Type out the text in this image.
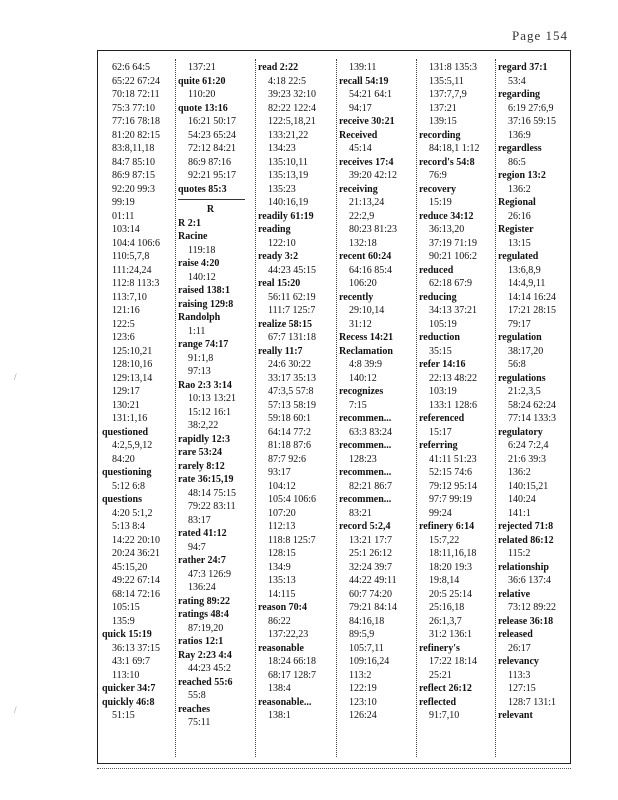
Page 154
62:6 64:5
65:22 67:24
70:18 72:11
75:3 77:10
77:16 78:18
81:20 82:15
83:8,11,18
84:7 85:10
86:9 87:15
92:20 99:3
99:19
01:11
103:14
104:4 106:6
110:5,7,8
111:24,24
112:8 113:3
113:7,10
121:16
122:5
123:6
125:10,21
128:10,16
129:13,14
129:17
130:21
131:1,16
questioned
4:2,5,9,12
84:20
questioning
5:12 6:8
questions
4:20 5:1,2
5:13 8:4
14:22 20:10
20:24 36:21
45:15,20
49:22 67:14
68:14 72:16
105:15
135:9
quick 15:19
36:13 37:15
43:1 69:7
113:10
quicker 34:7
quickly 46:8
51:15
137:21
quite 61:20
110:20
quote 13:16
16:21 50:17
54:23 65:24
72:12 84:21
86:9 87:16
92:21 95:17
quotes 85:3
R
R 2:1
Racine
119:18
raise 4:20
140:12
raised 138:1
raising 129:8
Randolph
1:11
range 74:17
91:1,8
97:13
Rao 2:3 3:14
10:13 13:21
15:12 16:1
38:2,22
rapidly 12:3
rare 53:24
rarely 8:12
rate 36:15,19
48:14 75:15
79:22 83:11
83:17
rated 41:12
94:7
rather 24:7
47:3 126:9
136:24
rating 89:22
ratings 48:4
87:19,20
ratios 12:1
Ray 2:23 4:4
44:23 45:2
reached 55:6
55:8
reaches
75:11
read 2:22
4:18 22:5
39:23 32:10
82:22 122:4
122:5,18,21
133:21,22
134:23
135:10,11
135:13,19
135:23
140:16,19
readily 61:19
reading
122:10
ready 3:2
44:23 45:15
real 15:20
56:11 62:19
111:7 125:7
realize 58:15
67:7 131:18
really 11:7
24:6 30:22
33:17 35:13
47:3,5 57:8
57:13 58:19
59:18 60:1
64:14 77:2
81:18 87:6
87:7 92:6
93:17
104:12
105:4 106:6
107:20
112:13
118:8 125:7
128:15
134:9
135:13
14:115
reason 70:4
86:22
137:22,23
reasonable
18:24 66:18
68:17 128:7
138:4
reasonable...
138:1
139:11
recall 54:19
54:21 64:1
94:17
receive 30:21
Received
45:14
receives 17:4
39:20 42:12
receiving
21:13,24
22:2,9
80:23 81:23
132:18
recent 60:24
64:16 85:4
106:20
recently
29:10,14
31:12
Recess 14:21
Reclamation
4:8 39:9
140:12
recognizes
7:15
recommen...
63:3 83:24
recommen...
128:23
recommen...
82:21 86:7
recommen...
83:21
record 5:2,4
13:21 17:7
25:1 26:12
32:24 39:7
44:22 49:11
60:7 74:20
79:21 84:14
84:16,18
89:5,9
105:7,11
109:16,24
113:2
122:19
123:10
126:24
131:8 135:3
135:5,11
137:7,7,9
137:21
139:15
recording
84:18,1 1:12
record's 54:8
76:9
recovery
15:19
reduce 34:12
36:13,20
37:19 71:19
90:21 106:2
reduced
62:18 67:9
reducing
34:13 37:21
105:19
reduction
35:15
refer 14:16
22:13 48:22
103:19
133:1 128:6
referenced
15:17
referring
41:11 51:23
52:15 74:6
79:12 95:14
97:7 99:19
99:24
refinery 6:14
15:7,22
18:11,16,18
18:20 19:3
19:8,14
20:5 25:14
25:16,18
26:1,3,7
31:2 136:1
refinery's
17:22 18:14
25:21
reflect 26:12
reflected
91:7,10
regard 37:1
53:4
regarding
6:19 27:6,9
37:16 59:15
136:9
regardless
86:5
region 13:2
136:2
Regional
26:16
Register
13:15
regulated
13:6,8,9
14:4,9,11
14:14 16:24
17:21 28:15
79:17
regulation
38:17,20
56:8
regulations
21:2,3,5
58:24 62:24
77:14 133:3
regulatory
6:24 7:2,4
21:6 39:3
136:2
140:15,21
140:24
141:1
rejected 71:8
related 86:12
115:2
relationship
36:6 137:4
relative
73:12 89:22
release 36:18
released
26:17
relevancy
113:3
127:15
128:7 131:1
relevant
/
/
